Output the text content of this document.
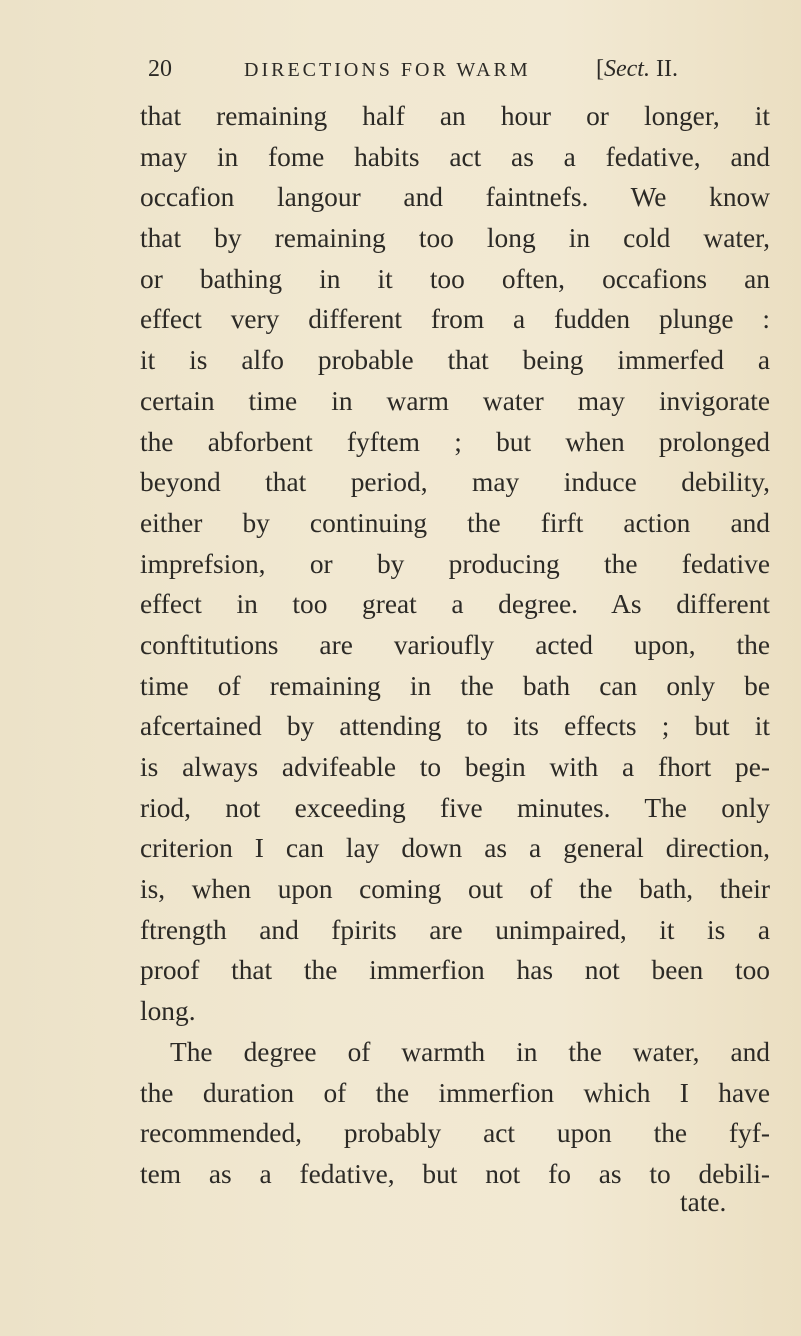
20	DIRECTIONS FOR WARM	[Sect. II.
that remaining half an hour or longer, it
may in fome habits act as a fedative, and
occafion langour and faintnefs. We know
that by remaining too long in cold water,
or bathing in it too often, occafions an
effect very different from a fudden plunge :
it is alfo probable that being immerfed a
certain time in warm water may invigorate
the abforbent fyftem ; but when prolonged
beyond that period, may induce debility,
either by continuing the firft action and
imprefsion, or by producing the fedative
effect in too great a degree. As different
conftitutions are varioufly acted upon, the
time of remaining in the bath can only be
afcertained by attending to its effects ; but it
is always advifeable to begin with a fhort pe-
riod, not exceeding five minutes. The only
criterion I can lay down as a general direction,
is, when upon coming out of the bath, their
ftrength and fpirits are unimpaired, it is a
proof that the immerfion has not been too
long.
The degree of warmth in the water, and
the duration of the immerfion which I have
recommended, probably act upon the fyf-
tem as a fedative, but not fo as to debili-
tate.
